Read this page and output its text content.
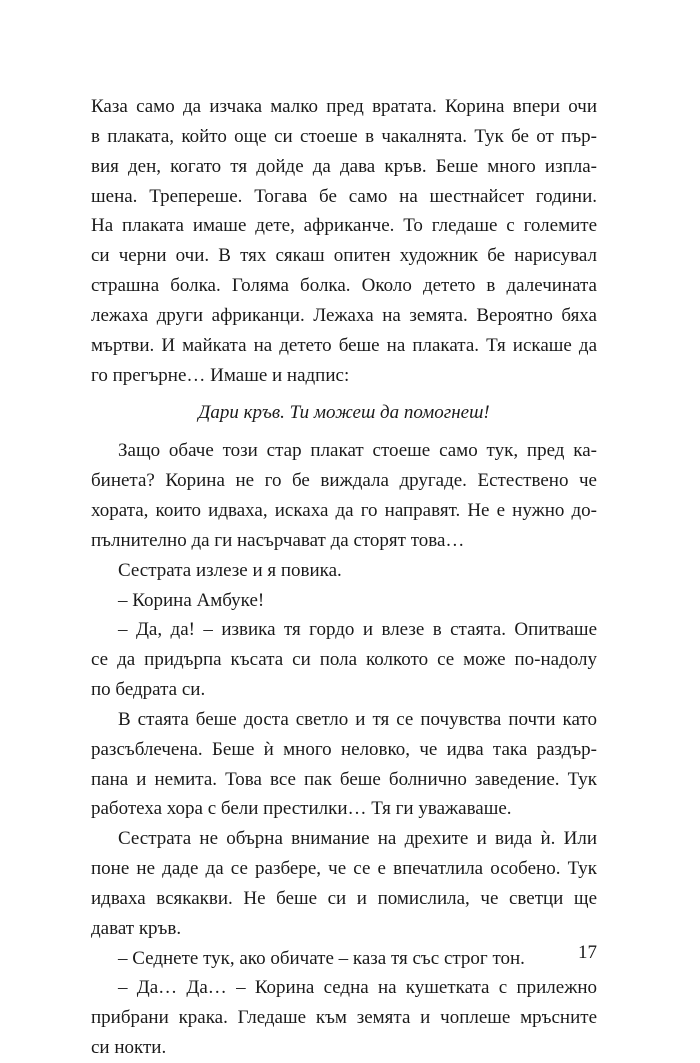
Каза само да изчака малко пред вратата. Корина впери очи
в плаката, който още си стоеше в чакалнята. Тук бе от пър-
вия ден, когато тя дойде да дава кръв. Беше много изпла-
шена. Трепереше. Тогава бе само на шестнайсет години.
На плаката имаше дете, африканче. То гледаше с големите
си черни очи. В тях сякаш опитен художник бе нарисувал
страшна болка. Голяма болка. Около детето в далечината
лежаха други африканци. Лежаха на земята. Вероятно бяха
мъртви. И майката на детето беше на плаката. Тя искаше да
го прегърне… Имаше и надпис:
Дари кръв. Ти можеш да помогнеш!
Защо обаче този стар плакат стоеше само тук, пред ка-
бинета? Корина не го бе виждала другаде. Естествено че
хората, които идваха, искаха да го направят. Не е нужно до-
пълнително да ги насърчават да сторят това…
Сестрата излезе и я повика.
– Корина Амбуке!
– Да, да! – извика тя гордо и влезе в стаята. Опитваше
се да придърпа късата си пола колкото се може по-надолу
по бедрата си.
В стаята беше доста светло и тя се почувства почти като
разсъблечена. Беше ѝ много неловко, че идва така раздър-
пана и немита. Това все пак беше болнично заведение. Тук
работеха хора с бели престилки… Тя ги уважаваше.
Сестрата не обърна внимание на дрехите и вида ѝ. Или
поне не даде да се разбере, че се е впечатлила особено. Тук
идваха всякакви. Не беше си и помислила, че светци ще
дават кръв.
– Седнете тук, ако обичате – каза тя със строг тон.
– Да… Да… – Корина седна на кушетката с прилежно
прибрани крака. Гледаше към земята и чоплеше мръсните
си нокти.
17
